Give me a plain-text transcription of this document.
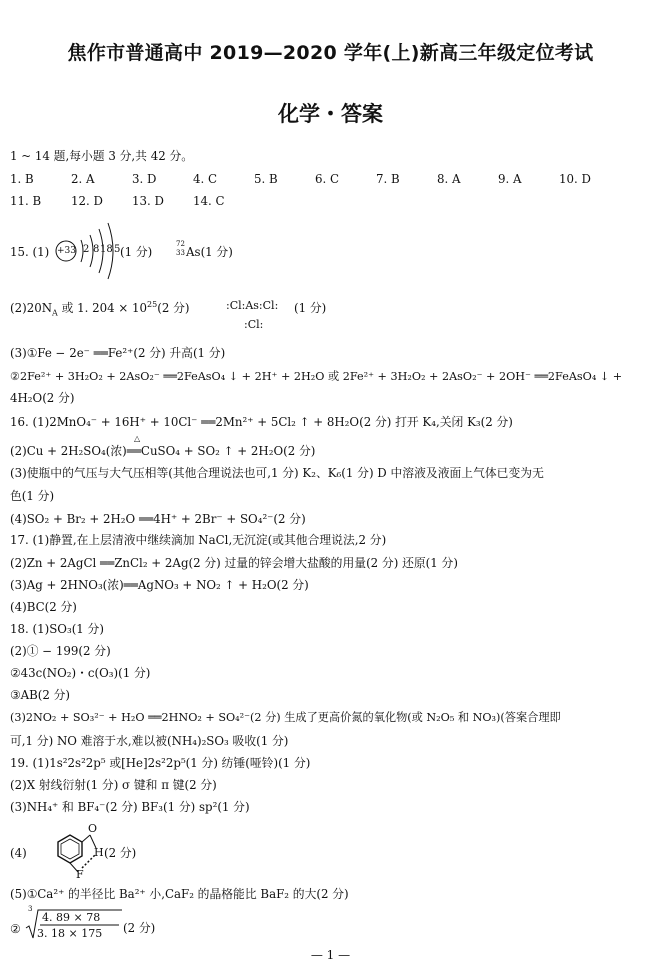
焦作市普通高中 2019—2020 学年(上)新高三年级定位考试
化学・答案
1 ~ 14 题,每小题 3 分,共 42 分。
1. B	2. A	3. D	4. C	5. B	6. C	7. B	8. A	9. A	10. D
11. B	12. D 13. D 14. C
15. (1) +33 2 8 18 5 (1 分)
72
33 As(1 分)
$(2)20N_A$ 或 1. $204 \times 10^{25}(2$ 分)	:Cl:As:Cl:
:Cl:
(1 分)
(3)①Fe − 2e⁻ ══Fe²⁺(2 分) 升高(1 分)
②2Fe²⁺ + 3H₂O₂ + 2AsO₂⁻ ══2FeAsO₄ ↓ + 2H⁺ + 2H₂O 或 2Fe²⁺ + 3H₂O₂ + 2AsO₂⁻ + 2OH⁻ ══2FeAsO₄ ↓ +
4H₂O(2 分)
16. (1)2MnO₄⁻ + 16H⁺ + 10Cl⁻ ══2Mn²⁺ + 5Cl₂ ↑ + 8H₂O(2 分) 打开 K₄,关闭 K₃(2 分)
△
(2)Cu + 2H₂SO₄(浓)══CuSO₄ + SO₂ ↑ + 2H₂O(2 分)
(3)使瓶中的气压与大气压相等(其他合理说法也可,1 分) K₂、K₆(1 分) D 中溶液及液面上气体已变为无
色(1 分)
(4)SO₂ + Br₂ + 2H₂O ══4H⁺ + 2Br⁻ + SO₄²⁻(2 分)
17. (1)静置,在上层清液中继续滴加 NaCl,无沉淀(或其他合理说法,2 分)
(2)Zn + 2AgCl ══ZnCl₂ + 2Ag(2 分) 过量的锌会增大盐酸的用量(2 分) 还原(1 分)
(3)Ag + 2HNO₃(浓)══AgNO₃ + NO₂ ↑ + H₂O(2 分)
(4)BC(2 分)
18. (1)SO₃(1 分)
(2)① − 199(2 分)
②43c(NO₂)・c(O₃)(1 分)
③AB(2 分)
(3)2NO₂ + SO₃²⁻ + H₂O ══2HNO₂ + SO₄²⁻(2 分) 生成了更高价氮的氧化物(或 N₂O₅ 和 NO₃)(答案合理即
可,1 分) NO 难溶于水,难以被(NH₄)₂SO₃ 吸收(1 分)
19. (1)1s²2s²2p⁵ 或[He]2s²2p⁵(1 分) 纺锤(哑铃)(1 分)
(2)X 射线衍射(1 分) σ 键和 π 键(2 分)
(3)NH₄⁺ 和 BF₄⁻(2 分) BF₃(1 分) sp²(1 分)
(4)
O
H
F
(2 分)
(5)①Ca²⁺ 的半径比 Ba²⁺ 小,CaF₂ 的晶格能比 BaF₂ 的大(2 分)
②
3
4. 89 × 78
3. 18 × 175 (2 分)
— 1 —
